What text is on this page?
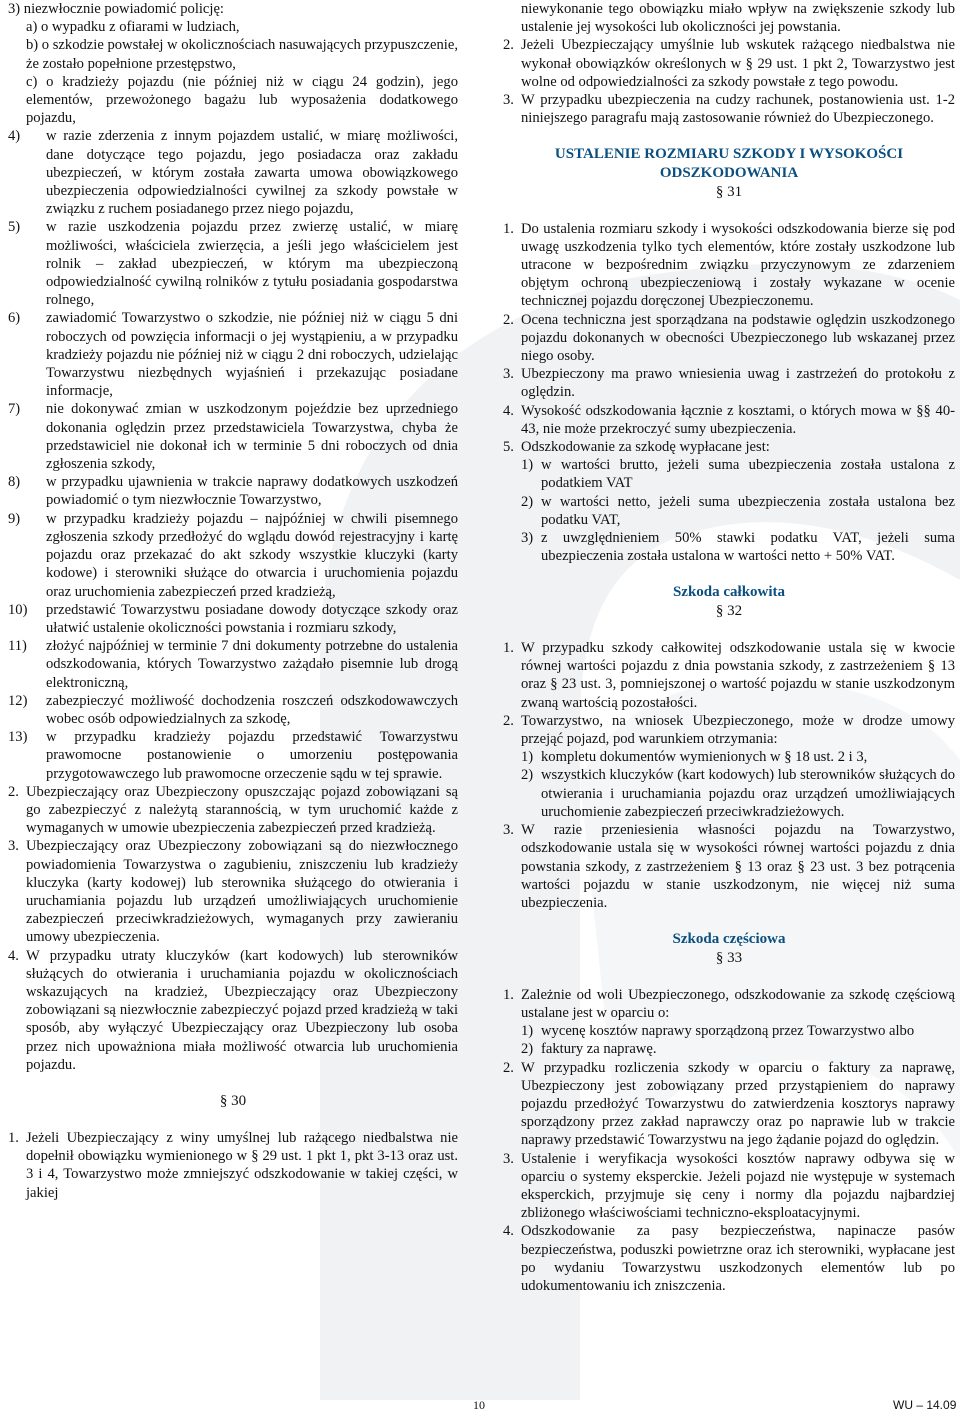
3) niezwłocznie powiadomić policję:
a) o wypadku z ofiarami w ludziach,
b) o szkodzie powstałej w okolicznościach nasuwających przypuszczenie, że zostało popełnione przestępstwo,
c) o kradzieży pojazdu (nie później niż w ciągu 24 godzin), jego elementów, przewożonego bagażu lub wyposażenia dodatkowego pojazdu,
4) w razie zderzenia z innym pojazdem ustalić, w miarę możliwości, dane dotyczące tego pojazdu, jego posiadacza oraz zakładu ubezpieczeń, w którym została zawarta umowa obowiązkowego ubezpieczenia odpowiedzialności cywilnej za szkody powstałe w związku z ruchem posiadanego przez niego pojazdu,
5) w razie uszkodzenia pojazdu przez zwierzę ustalić, w miarę możliwości, właściciela zwierzęcia, a jeśli jego właścicielem jest rolnik – zakład ubezpieczeń, w którym ma ubezpieczoną odpowiedzialność cywilną rolników z tytułu posiadania gospodarstwa rolnego,
6) zawiadomić Towarzystwo o szkodzie, nie później niż w ciągu 5 dni roboczych od powzięcia informacji o jej wystąpieniu, a w przypadku kradzieży pojazdu nie później niż w ciągu 2 dni roboczych, udzielając Towarzystwu niezbędnych wyjaśnień i przekazując posiadane informacje,
7) nie dokonywać zmian w uszkodzonym pojeździe bez uprzedniego dokonania oględzin przez przedstawiciela Towarzystwa, chyba że przedstawiciel nie dokonał ich w terminie 5 dni roboczych od dnia zgłoszenia szkody,
8) w przypadku ujawnienia w trakcie naprawy dodatkowych uszkodzeń powiadomić o tym niezwłocznie Towarzystwo,
9) w przypadku kradzieży pojazdu – najpóźniej w chwili pisemnego zgłoszenia szkody przedłożyć do wglądu dowód rejestracyjny i kartę pojazdu oraz przekazać do akt szkody wszystkie kluczyki (karty kodowe) i sterowniki służące do otwarcia i uruchomienia pojazdu oraz uruchomienia zabezpieczeń przed kradzieżą,
10) przedstawić Towarzystwu posiadane dowody dotyczące szkody oraz ułatwić ustalenie okoliczności powstania i rozmiaru szkody,
11) złożyć najpóźniej w terminie 7 dni dokumenty potrzebne do ustalenia odszkodowania, których Towarzystwo zażądało pisemnie lub drogą elektroniczną,
12) zabezpieczyć możliwość dochodzenia roszczeń odszkodowawczych wobec osób odpowiedzialnych za szkodę,
13) w przypadku kradzieży pojazdu przedstawić Towarzystwu prawomocne postanowienie o umorzeniu postępowania przygotowawczego lub prawomocne orzeczenie sądu w tej sprawie.
2. Ubezpieczający oraz Ubezpieczony opuszczając pojazd zobowiązani są go zabezpieczyć z należytą starannością, w tym uruchomić każde z wymaganych w umowie ubezpieczenia zabezpieczeń przed kradzieżą.
3. Ubezpieczający oraz Ubezpieczony zobowiązani są do niezwłocznego powiadomienia Towarzystwa o zagubieniu, zniszczeniu lub kradzieży kluczyka (karty kodowej) lub sterownika służącego do otwierania i uruchamiania pojazdu lub urządzeń umożliwiających uruchomienie zabezpieczeń przeciwkradzieżowych, wymaganych przy zawieraniu umowy ubezpieczenia.
4. W przypadku utraty kluczyków (kart kodowych) lub sterowników służących do otwierania i uruchamiania pojazdu w okolicznościach wskazujących na kradzież, Ubezpieczający oraz Ubezpieczony zobowiązani są niezwłocznie zabezpieczyć pojazd przed kradzieżą w taki sposób, aby wyłączyć Ubezpieczający oraz Ubezpieczony lub osoba przez nich upoważniona miała możliwość otwarcia lub uruchomienia pojazdu.
§ 30
1. Jeżeli Ubezpieczający z winy umyślnej lub rażącego niedbalstwa nie dopełnił obowiązku wymienionego w § 29 ust. 1 pkt 1, pkt 3-13 oraz ust. 3 i 4, Towarzystwo może zmniejszyć odszkodowanie w takiej części, w jakiej
niewykonanie tego obowiązku miało wpływ na zwiększenie szkody lub ustalenie jej wysokości lub okoliczności jej powstania.
2. Jeżeli Ubezpieczający umyślnie lub wskutek rażącego niedbalstwa nie wykonał obowiązków określonych w § 29 ust. 1 pkt 2, Towarzystwo jest wolne od odpowiedzialności za szkody powstałe z tego powodu.
3. W przypadku ubezpieczenia na cudzy rachunek, postanowienia ust. 1-2 niniejszego paragrafu mają zastosowanie również do Ubezpieczonego.
USTALENIE ROZMIARU SZKODY I WYSOKOŚCI
ODSZKODOWANIA
§ 31
1. Do ustalenia rozmiaru szkody i wysokości odszkodowania bierze się pod uwagę uszkodzenia tylko tych elementów, które zostały uszkodzone lub utracone w bezpośrednim związku przyczynowym ze zdarzeniem objętym ochroną ubezpieczeniową i zostały wykazane w ocenie technicznej pojazdu doręczonej Ubezpieczonemu.
2. Ocena techniczna jest sporządzana na podstawie oględzin uszkodzonego pojazdu dokonanych w obecności Ubezpieczonego lub wskazanej przez niego osoby.
3. Ubezpieczony ma prawo wniesienia uwag i zastrzeżeń do protokołu z oględzin.
4. Wysokość odszkodowania łącznie z kosztami, o których mowa w §§ 40-43, nie może przekroczyć sumy ubezpieczenia.
5. Odszkodowanie za szkodę wypłacane jest:
1) w wartości brutto, jeżeli suma ubezpieczenia została ustalona z podatkiem VAT
2) w wartości netto, jeżeli suma ubezpieczenia została ustalona bez podatku VAT,
3) z uwzględnieniem 50% stawki podatku VAT, jeżeli suma ubezpieczenia została ustalona w wartości netto + 50% VAT.
Szkoda całkowita
§ 32
1. W przypadku szkody całkowitej odszkodowanie ustala się w kwocie równej wartości pojazdu z dnia powstania szkody, z zastrzeżeniem § 13 oraz § 23 ust. 3, pomniejszonej o wartość pojazdu w stanie uszkodzonym zwaną wartością pozostałości.
2. Towarzystwo, na wniosek Ubezpieczonego, może w drodze umowy przejąć pojazd, pod warunkiem otrzymania:
1) kompletu dokumentów wymienionych w § 18 ust. 2 i 3,
2) wszystkich kluczyków (kart kodowych) lub sterowników służących do otwierania i uruchamiania pojazdu oraz urządzeń umożliwiających uruchomienie zabezpieczeń przeciwkradzieżowych.
3. W razie przeniesienia własności pojazdu na Towarzystwo, odszkodowanie ustala się w wysokości równej wartości pojazdu z dnia powstania szkody, z zastrzeżeniem § 13 oraz § 23 ust. 3 bez potrącenia wartości pojazdu w stanie uszkodzonym, nie więcej niż suma ubezpieczenia.
Szkoda częściowa
§ 33
1. Zależnie od woli Ubezpieczonego, odszkodowanie za szkodę częściową ustalane jest w oparciu o:
1) wycenę kosztów naprawy sporządzoną przez Towarzystwo albo
2) faktury za naprawę.
2. W przypadku rozliczenia szkody w oparciu o faktury za naprawę, Ubezpieczony jest zobowiązany przed przystąpieniem do naprawy pojazdu przedłożyć Towarzystwu do zatwierdzenia kosztorys naprawy sporządzony przez zakład naprawczy oraz po naprawie lub w trakcie naprawy przedstawić Towarzystwu na jego żądanie pojazd do oględzin.
3. Ustalenie i weryfikacja wysokości kosztów naprawy odbywa się w oparciu o systemy eksperckie. Jeżeli pojazd nie występuje w systemach eksperckich, przyjmuje się ceny i normy dla pojazdu najbardziej zbliżonego właściwościami techniczno-eksploatacyjnymi.
4. Odszkodowanie za pasy bezpieczeństwa, napinacze pasów bezpieczeństwa, poduszki powietrzne oraz ich sterowniki, wypłacane jest po wydaniu Towarzystwu uszkodzonych elementów lub po udokumentowaniu ich zniszczenia.
10	WU – 14.09
